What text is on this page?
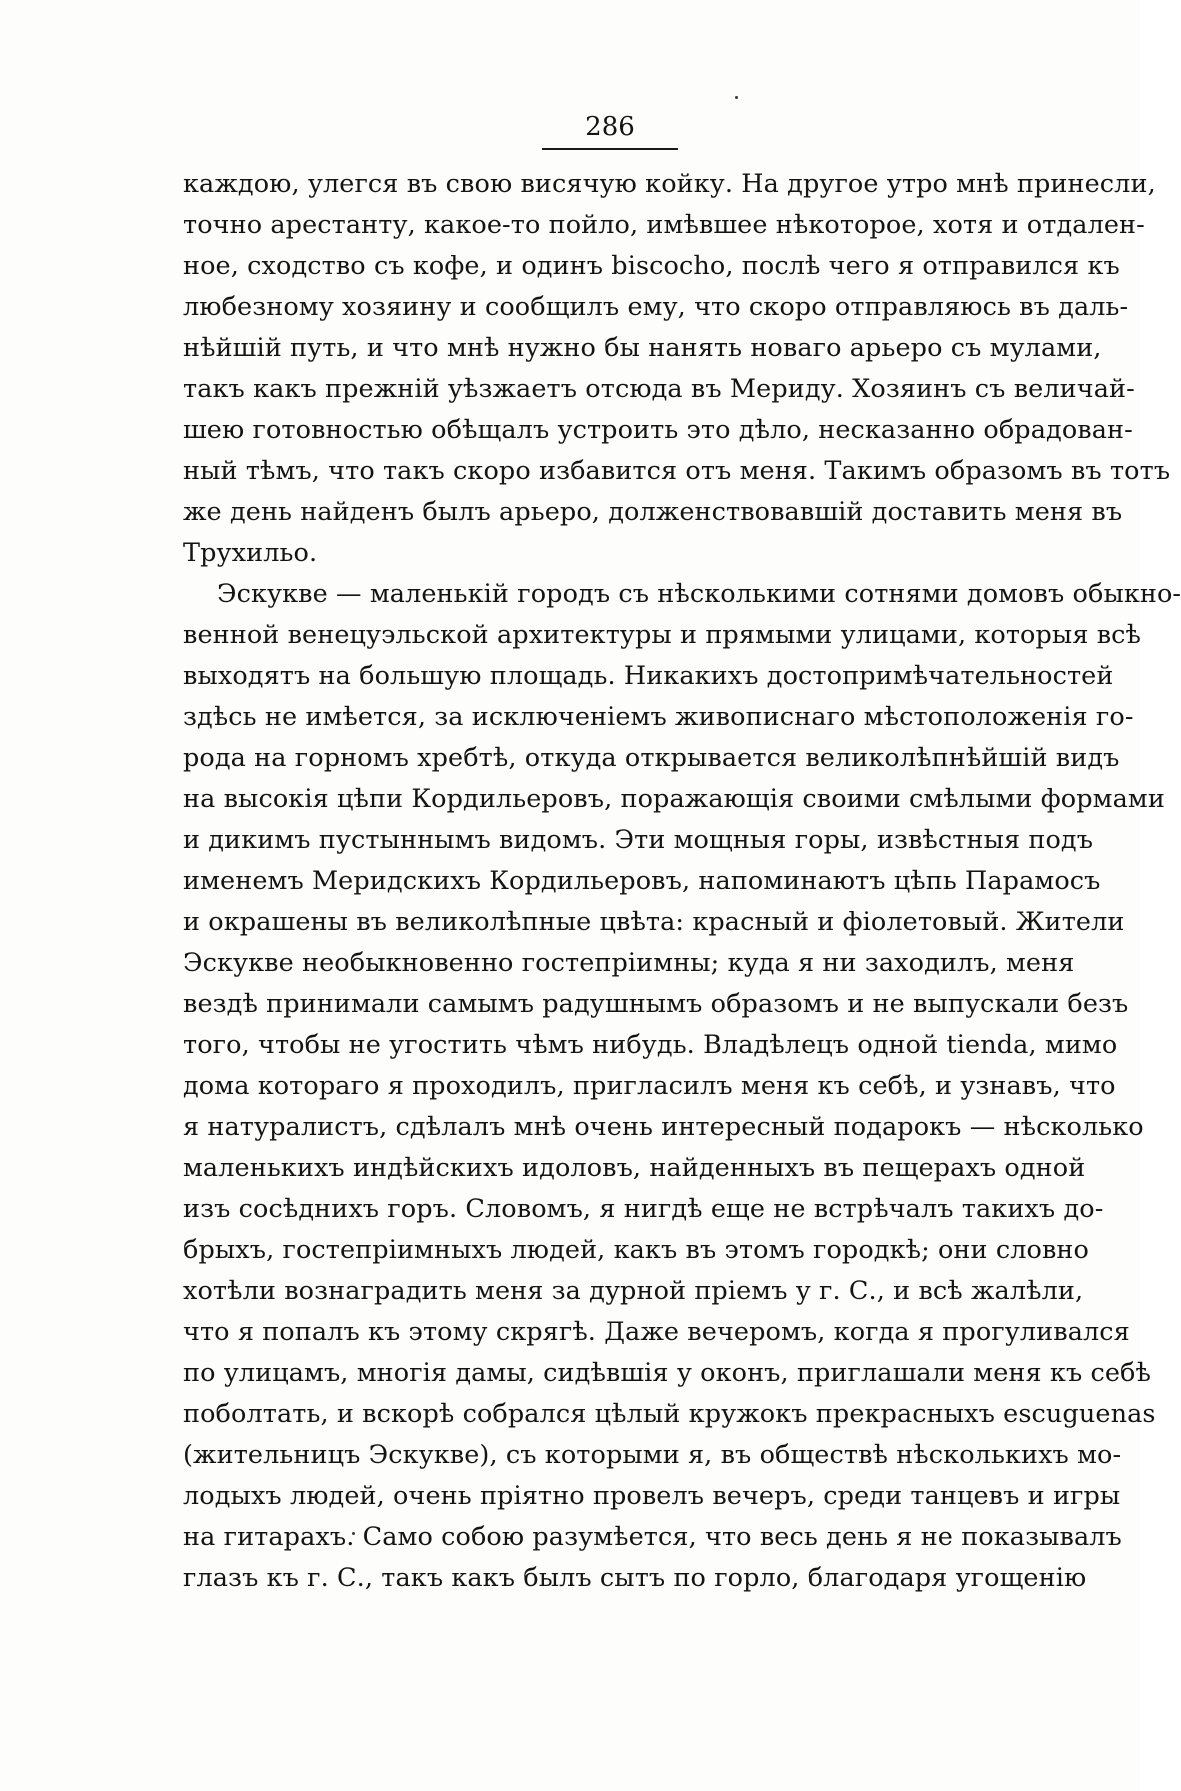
286
каждою, улегся въ свою висячую койку. На другое утро мнѣ принесли,
точно арестанту, какое-то пойло, имѣвшее нѣкоторое, хотя и отдален-
ное, сходство съ кофе, и одинъ biscocho, послѣ чего я отправился къ
любезному хозяину и сообщилъ ему, что скоро отправляюсь въ даль-
нѣйшій путь, и что мнѣ нужно бы нанять новаго арьеро съ мулами,
такъ какъ прежній уѣзжаетъ отсюда въ Мериду. Хозяинъ съ величай-
шею готовностью обѣщалъ устроить это дѣло, несказанно обрадован-
ный тѣмъ, что такъ скоро избавится отъ меня. Такимъ образомъ въ тотъ
же день найденъ былъ арьеро, долженствовавшій доставить меня въ
Трухильо.
Эскукве — маленькій городъ съ нѣсколькими сотнями домовъ обыкно-
венной венецуэльской архитектуры и прямыми улицами, которыя всѣ
выходятъ на большую площадь. Никакихъ достопримѣчательностей
здѣсь не имѣется, за исключеніемъ живописнаго мѣстоположенія го-
рода на горномъ хребтѣ, откуда открывается великолѣпнѣйшій видъ
на высокія цѣпи Кордильеровъ, поражающія своими смѣлыми формами
и дикимъ пустыннымъ видомъ. Эти мощныя горы, извѣстныя подъ
именемъ Меридскихъ Кордильеровъ, напоминаютъ цѣпь Парамосъ
и окрашены въ великолѣпные цвѣта: красный и фіолетовый. Жители
Эскукве необыкновенно гостепріимны; куда я ни заходилъ, меня
вездѣ принимали самымъ радушнымъ образомъ и не выпускали безъ
того, чтобы не угостить чѣмъ нибудь. Владѣлецъ одной tienda, мимо
дома котораго я проходилъ, пригласилъ меня къ себѣ, и узнавъ, что
я натуралистъ, сдѣлалъ мнѣ очень интересный подарокъ — нѣсколько
маленькихъ индѣйскихъ идоловъ, найденныхъ въ пещерахъ одной
изъ сосѣднихъ горъ. Словомъ, я нигдѣ еще не встрѣчалъ такихъ до-
брыхъ, гостепріимныхъ людей, какъ въ этомъ городкѣ; они словно
хотѣли вознаградить меня за дурной пріемъ у г. С., и всѣ жалѣли,
что я попалъ къ этому скрягѣ. Даже вечеромъ, когда я прогуливался
по улицамъ, многія дамы, сидѣвшія у оконъ, приглашали меня къ себѣ
поболтать, и вскорѣ собрался цѣлый кружокъ прекрасныхъ escuguenas
(жительницъ Эскукве), съ которыми я, въ обществѣ нѣсколькихъ мо-
лодыхъ людей, очень пріятно провелъ вечеръ, среди танцевъ и игры
на гитарахъ. Само собою разумѣется, что весь день я не показывалъ
глазъ къ г. С., такъ какъ былъ сытъ по горло, благодаря угощенію
